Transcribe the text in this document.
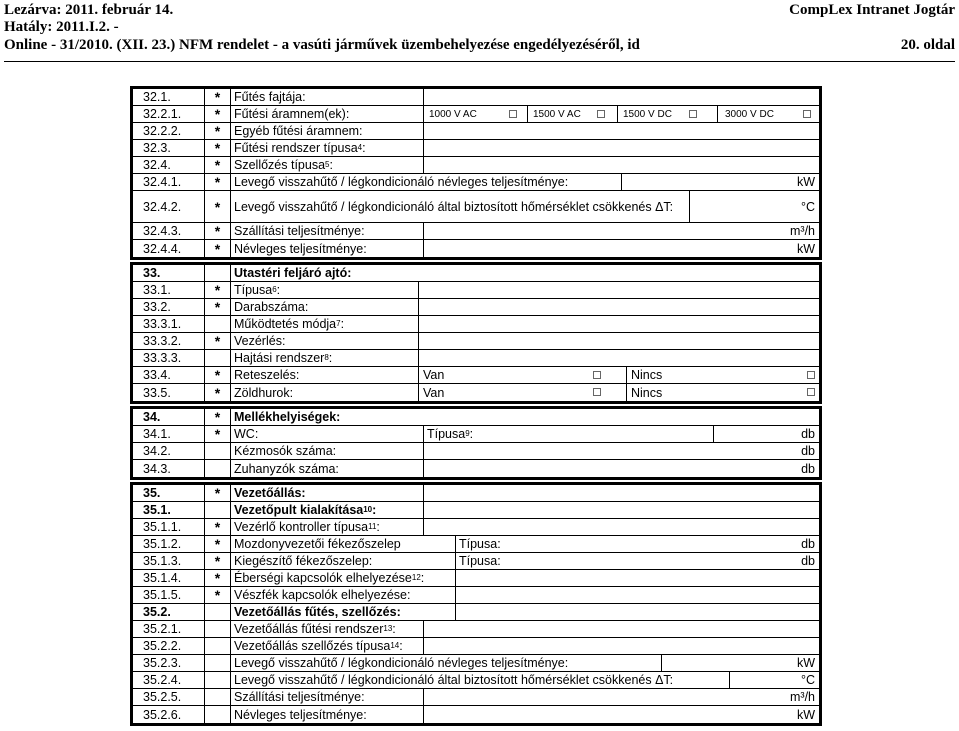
Lezárva: 2011. február 14.	CompLex Intranet Jogtár
Hatály: 2011.I.2. -
Online - 31/2010. (XII. 23.) NFM rendelet - a vasúti járművek üzembehelyezése engedélyezéséről, id	20. oldal
32.1.	*	Fűtés fajtája:
32.2.1.	*	Fűtési áramnem(ek):	1000 V AC	1500 V AC	1500 V DC	3000 V DC
32.2.2.	*	Egyéb fűtési áramnem:
32.3.	*	Fűtési rendszer típusa 4 :
32.4.	*	Szellőzés típusa 5 :
32.4.1.	*	Levegő visszahűtő / légkondicionáló névleges teljesítménye:	kW
32.4.2.	*	Levegő visszahűtő / légkondicionáló által biztosított hőmérséklet csökkenés ΔT:	°C
32.4.3.	*	Szállítási teljesítménye:	m³/h
32.4.4.	*	Névleges teljesítménye:	kW
33.	Utastéri feljáró ajtó:
33.1.	*	Típusa 6 :
33.2.	*	Darabszáma:
33.3.1.	Működtetés módja 7 :
33.3.2.	*	Vezérlés:
33.3.3.	Hajtási rendszer 8 :
33.4.	*	Reteszelés:	Van	Nincs
33.5.	*	Zöldhurok:	Van	Nincs
34.	*	Mellékhelyiségek:
34.1.	*	WC:	Típusa 9 :	db
34.2.	Kézmosók száma:	db
34.3.	Zuhanyzók száma:	db
35.	*	Vezetőállás:
35.1.	Vezetőpult kialakítása 10 :
35.1.1.	*	Vezérlő kontroller típusa 11 :
35.1.2.	*	Mozdonyvezetői fékezőszelep	Típusa:	db
35.1.3.	*	Kiegészítő fékezőszelep:	Típusa:	db
35.1.4.	*	Éberségi kapcsolók elhelyezése 12 :
35.1.5.	*	Vészfék kapcsolók elhelyezése:
35.2.	Vezetőállás fűtés, szellőzés:
35.2.1.	Vezetőállás fűtési rendszer 13 :
35.2.2.	Vezetőállás szellőzés típusa 14 :
35.2.3.	Levegő visszahűtő / légkondicionáló névleges teljesítménye:	kW
35.2.4.	Levegő visszahűtő / légkondicionáló által biztosított hőmérséklet csökkenés ΔT:	°C
35.2.5.	Szállítási teljesítménye:	m³/h
35.2.6.	Névleges teljesítménye:	kW
